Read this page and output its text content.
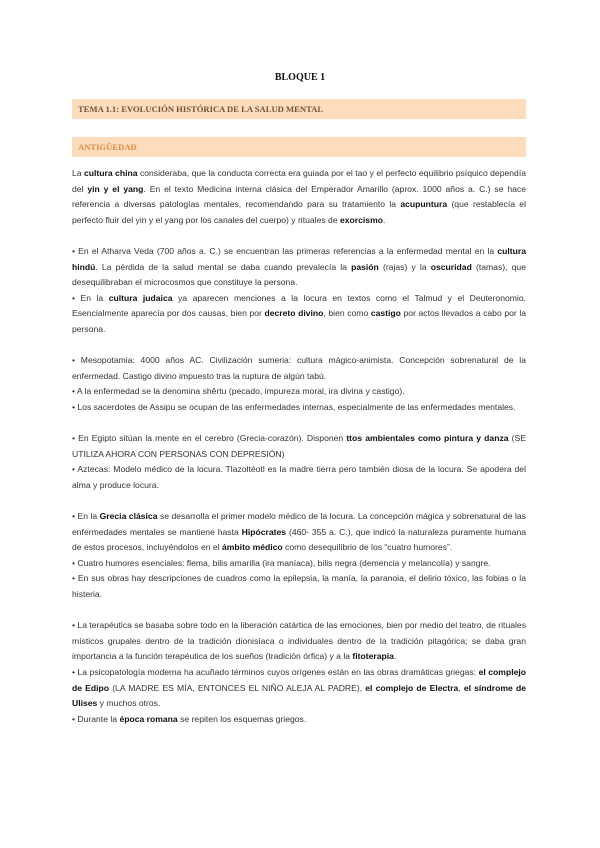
BLOQUE 1
TEMA 1.1: EVOLUCIÓN HISTÓRICA DE LA SALUD MENTAL
ANTIGÜEDAD

La cultura china consideraba, que la conducta correcta era guiada por el tao y el perfecto equilibrio psíquico dependía del yin y el yang. En el texto Medicina interna clásica del Emperador Amarillo (aprox. 1000 años a. C.) se hace referencia a diversas patologías mentales, recomendando para su tratamiento la acupuntura (que restablecía el perfecto fluir del yin y el yang por los canales del cuerpo) y rituales de exorcismo.

• En el Atharva Veda (700 años a. C.) se encuentran las primeras referencias a la enfermedad mental en la cultura hindú. La pérdida de la salud mental se daba cuando prevalecía la pasión (rajas) y la oscuridad (tamas), que desequilibraban el microcosmos que constituye la persona.

• En la cultura judaica ya aparecen menciones a la locura en textos como el Talmud y el Deuteronomio. Esencialmente aparecía por dos causas, bien por decreto divino, bien como castigo por actos llevados a cabo por la persona.

• Mesopotamia: 4000 años AC. Civilización sumeria: cultura mágico-animista. Concepción sobrenatural de la enfermedad. Castigo divino impuesto tras la ruptura de algún tabú.

• A la enfermedad se la denomina shêrtu (pecado, impureza moral, ira divina y castigo).

• Los sacerdotes de Assipu se ocupan de las enfermedades internas, especialmente de las enfermedades mentales.

• En Egipto sitúan la mente en el cerebro (Grecia-corazón). Disponen ttos ambientales como pintura y danza (SE UTILIZA AHORA CON PERSONAS CON DEPRESIÓN)

• Aztecas: Modelo médico de la locura. Tlazoltéotl es la madre tierra pero también diosa de la locura. Se apodera del alma y produce locura.

• En la Grecia clásica se desarrolla el primer modelo médico de la locura. La concepción mágica y sobrenatural de las enfermedades mentales se mantiene hasta Hipócrates (460- 355 a. C.), que indicó la naturaleza puramente humana de estos procesos, incluyéndolos en el ámbito médico como desequilibrio de los “cuatro humores”.

• Cuatro humores esenciales: flema, bilis amarilla (ira maníaca), bilis negra (demencia y melancolía) y sangre.

• En sus obras hay descripciones de cuadros como la epilepsia, la manía, la paranoia, el delirio tóxico, las fobias o la histeria.

• La terapéutica se basaba sobre todo en la liberación catártica de las emociones, bien por medio del teatro, de rituales místicos grupales dentro de la tradición dionisíaca o individuales dentro de la tradición pitagórica; se daba gran importancia a la función terapéutica de los sueños (tradición órfica) y a la fitoterapia.

• La psicopatología moderna ha acuñado términos cuyos orígenes están en las obras dramáticas griegas: el complejo de Edipo (LA MADRE ES MÍA, ENTONCES EL NIÑO ALEJA AL PADRE), el complejo de Electra, el síndrome de Ulises y muchos otros.

• Durante la época romana se repiten los esquemas griegos.
